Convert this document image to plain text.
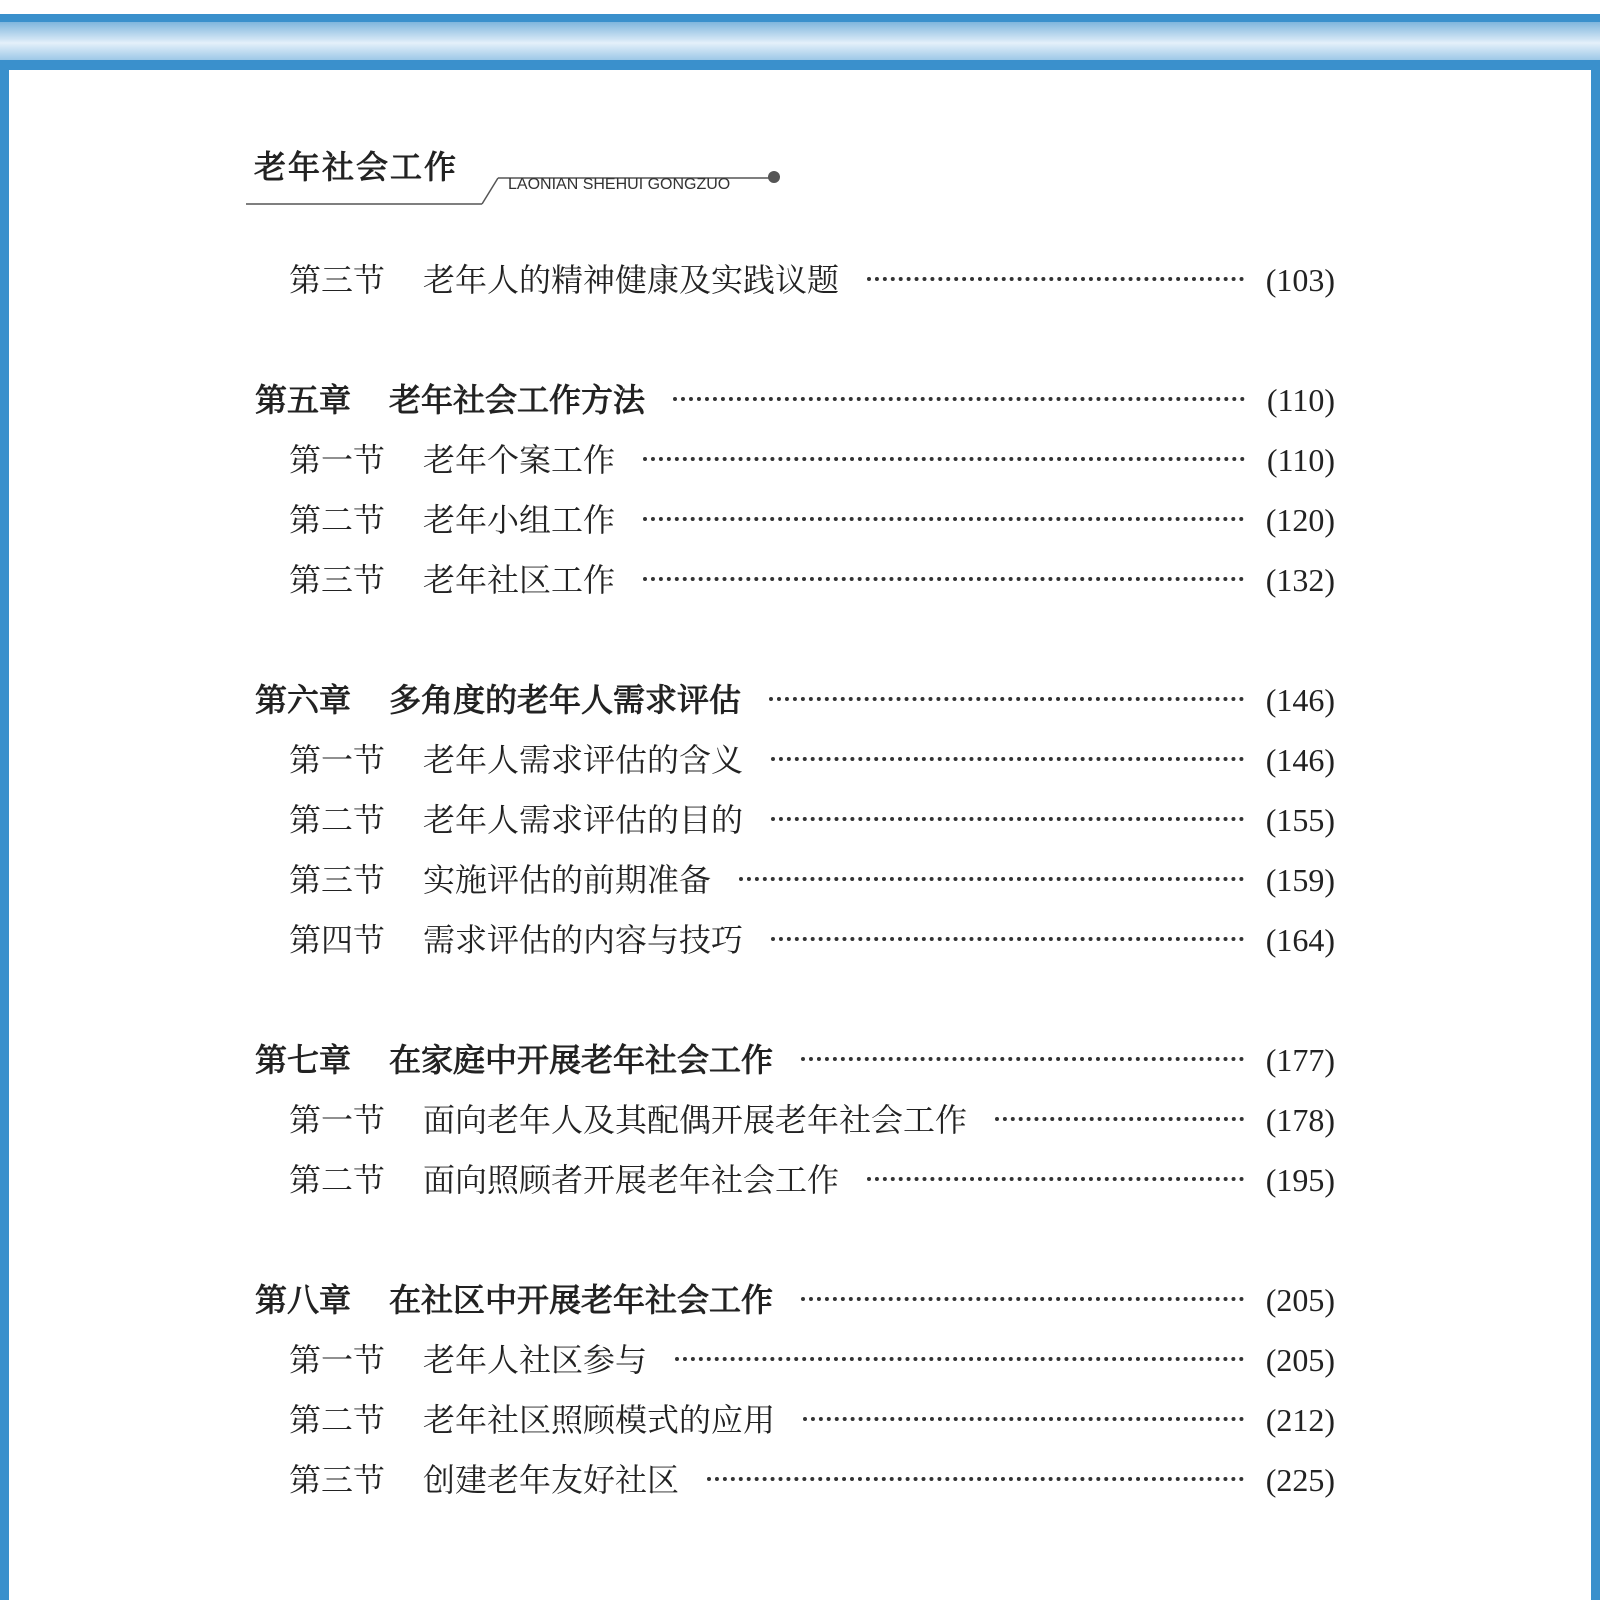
老年社会工作	LAONIAN SHEHUI GONGZUO
第三节	老年人的精神健康及实践议题	(103)
第五章	老年社会工作方法	(110)
第一节	老年个案工作	(110)
第二节	老年小组工作	(120)
第三节	老年社区工作	(132)
第六章	多角度的老年人需求评估	(146)
第一节	老年人需求评估的含义	(146)
第二节	老年人需求评估的目的	(155)
第三节	实施评估的前期准备	(159)
第四节	需求评估的内容与技巧	(164)
第七章	在家庭中开展老年社会工作	(177)
第一节	面向老年人及其配偶开展老年社会工作	(178)
第二节	面向照顾者开展老年社会工作	(195)
第八章	在社区中开展老年社会工作	(205)
第一节	老年人社区参与	(205)
第二节	老年社区照顾模式的应用	(212)
第三节	创建老年友好社区	(225)
